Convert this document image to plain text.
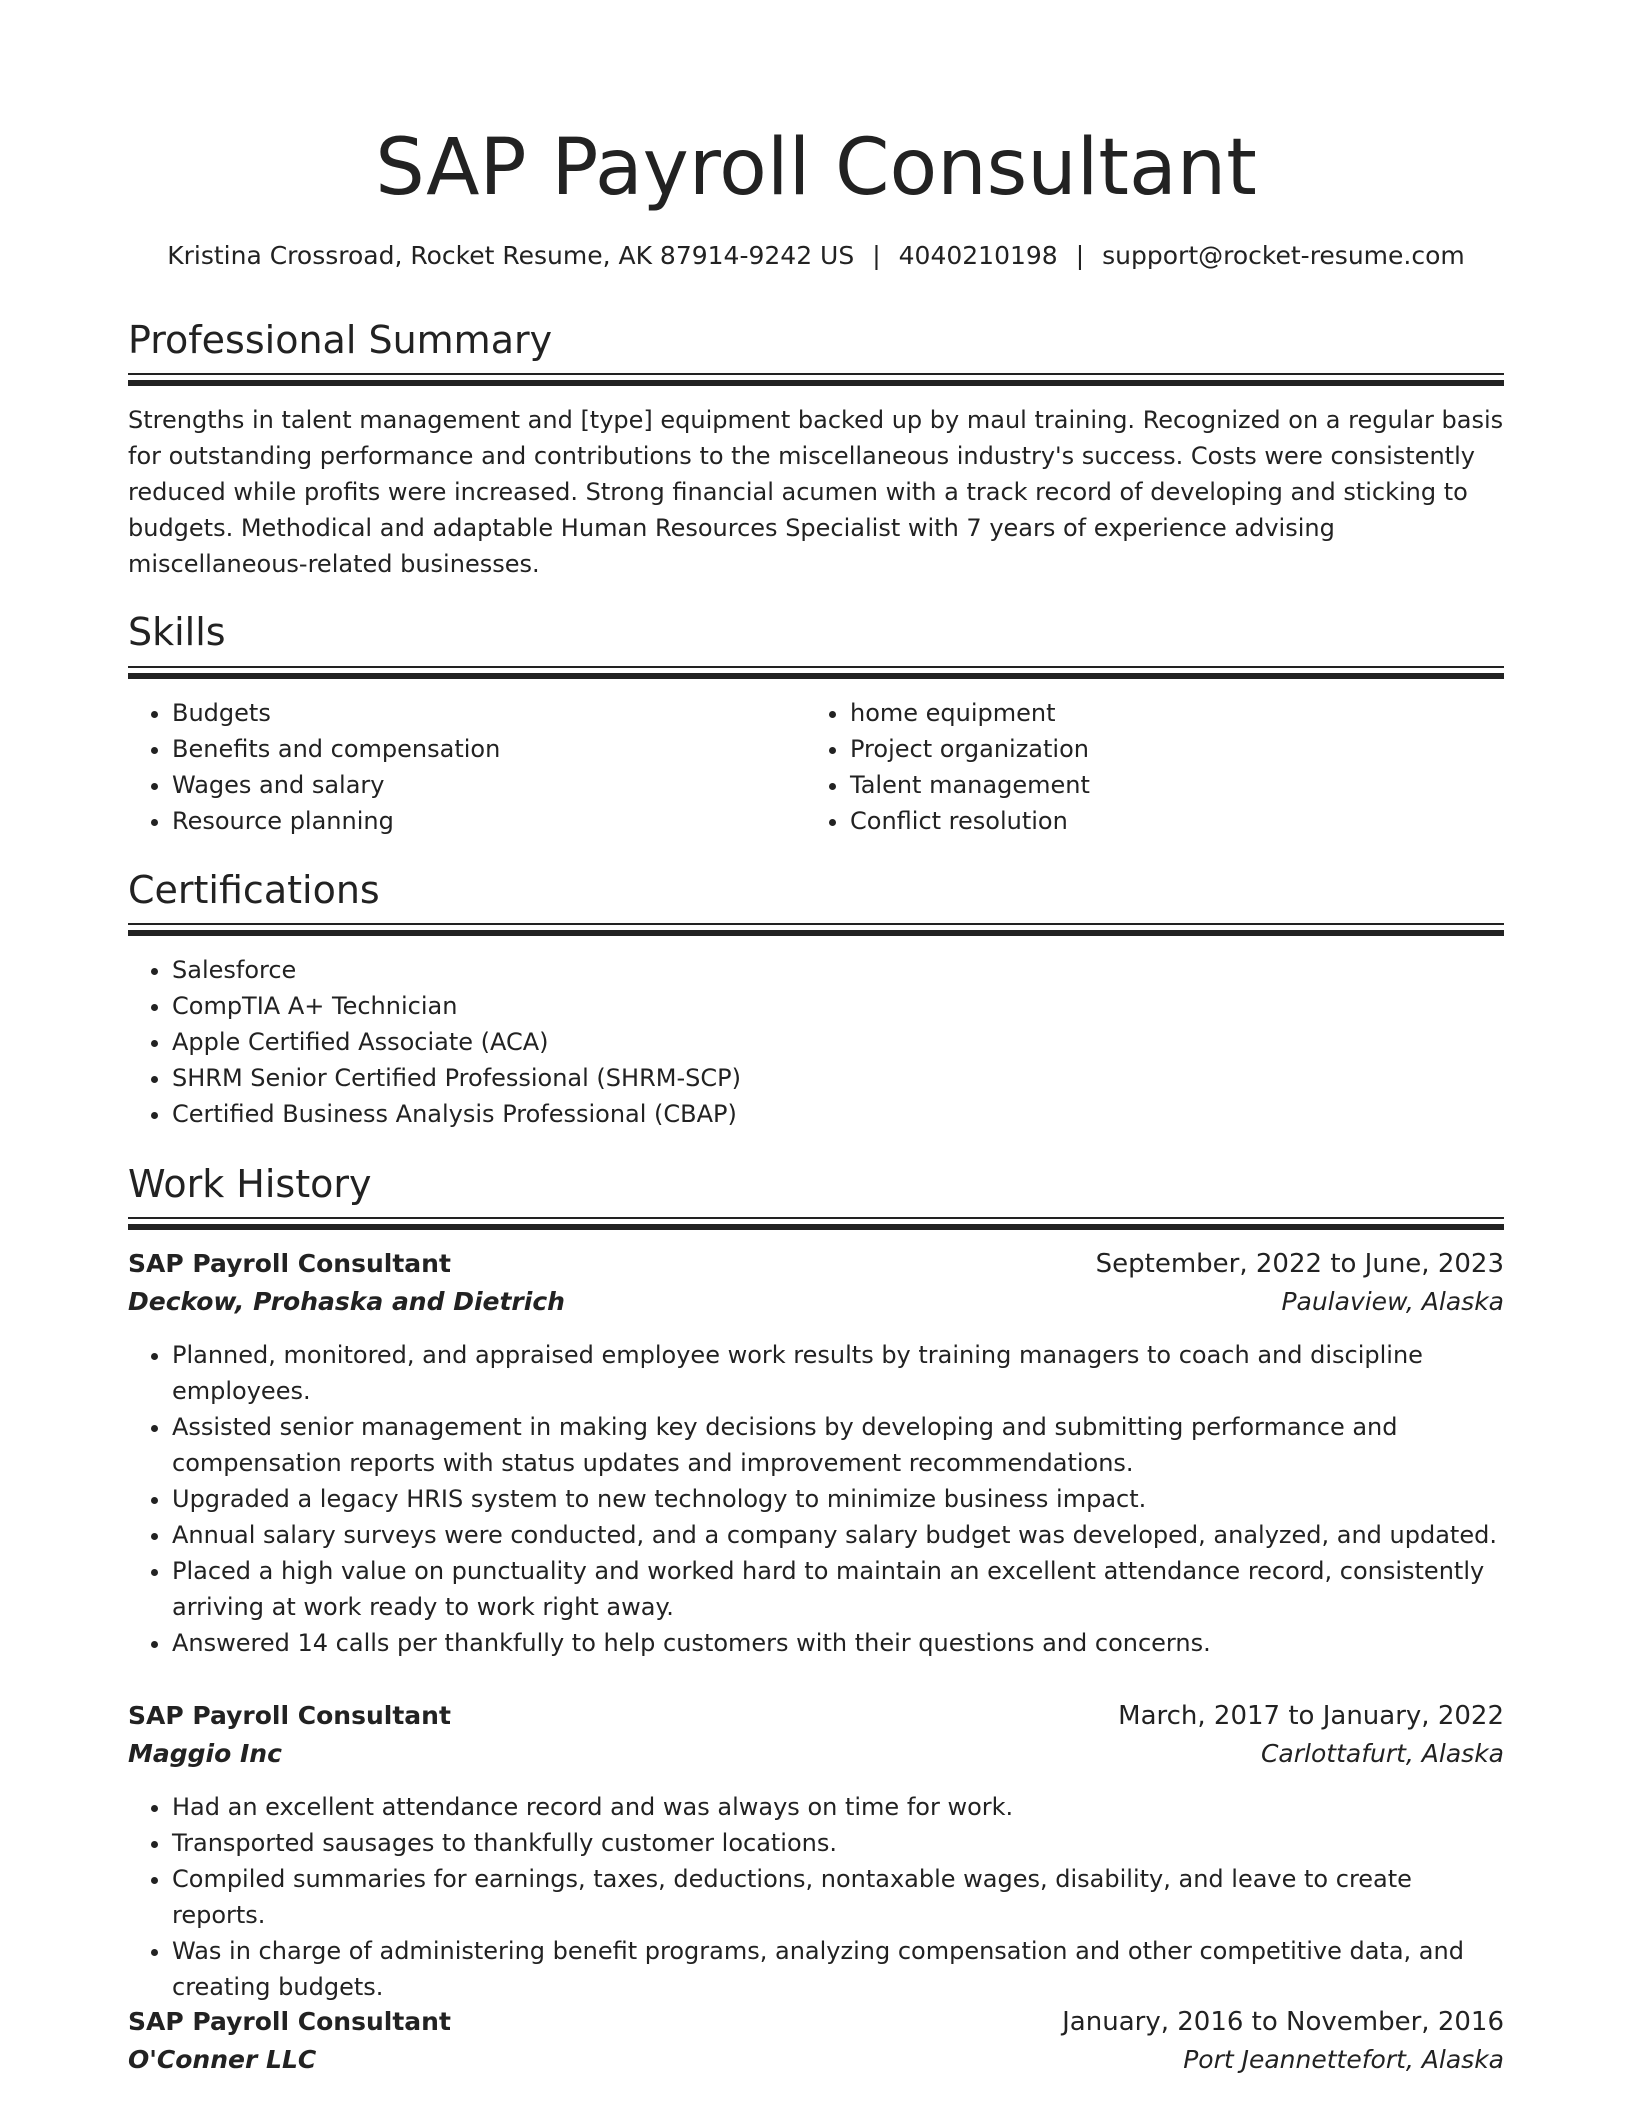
SAP Payroll Consultant
Kristina Crossroad, Rocket Resume, AK 87914-9242 US | 4040210198 | support@rocket-resume.com
Professional Summary

Strengths in talent management and [type] equipment backed up by maul training. Recognized on a regular basis for outstanding performance and contributions to the miscellaneous industry's success. Costs were consistently reduced while profits were increased. Strong financial acumen with a track record of developing and sticking to budgets. Methodical and adaptable Human Resources Specialist with 7 years of experience advising miscellaneous-related businesses.

Skills
• Budgets
• Benefits and compensation
• Wages and salary
• Resource planning
• home equipment
• Project organization
• Talent management
• Conflict resolution
Certifications
• Salesforce
• CompTIA A+ Technician
• Apple Certified Associate (ACA)
• SHRM Senior Certified Professional (SHRM-SCP)
• Certified Business Analysis Professional (CBAP)
Work History
SAP Payroll Consultant	September, 2022 to June, 2023
Deckow, Prohaska and Dietrich	Paulaview, Alaska
• Planned, monitored, and appraised employee work results by training managers to coach and discipline employees.
• Assisted senior management in making key decisions by developing and submitting performance and compensation reports with status updates and improvement recommendations.
• Upgraded a legacy HRIS system to new technology to minimize business impact.
• Annual salary surveys were conducted, and a company salary budget was developed, analyzed, and updated.
• Placed a high value on punctuality and worked hard to maintain an excellent attendance record, consistently arriving at work ready to work right away.
• Answered 14 calls per thankfully to help customers with their questions and concerns.
SAP Payroll Consultant	March, 2017 to January, 2022
Maggio Inc	Carlottafurt, Alaska
• Had an excellent attendance record and was always on time for work.
• Transported sausages to thankfully customer locations.
• Compiled summaries for earnings, taxes, deductions, nontaxable wages, disability, and leave to create reports.
• Was in charge of administering benefit programs, analyzing compensation and other competitive data, and creating budgets.
SAP Payroll Consultant	January, 2016 to November, 2016
O'Conner LLC	Port Jeannettefort, Alaska
